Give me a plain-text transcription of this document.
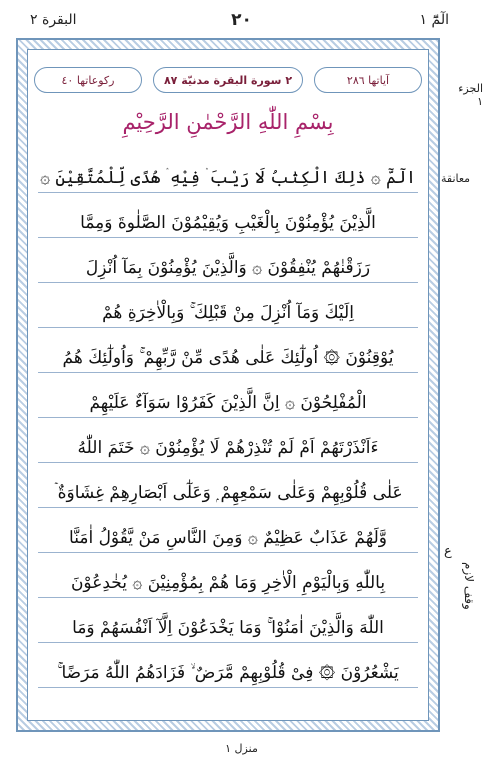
البقرة ٢	٢٠	الٓمّٓ ١
ركوعاتها ٤٠	٢ سورة البقرة مدنيّة ٨٧	آياتها ٢٨٦
بِسْمِ اللّٰهِ الرَّحْمٰنِ الرَّحِيْمِ
الٓمّٓ ۞ ذٰلِكَ الْكِتٰبُ لَا رَيْبَ ۛ فِيْهِ ۛ هُدًى لِّلْمُتَّقِيْنَ ۞
الَّذِيْنَ يُؤْمِنُوْنَ بِالْغَيْبِ وَيُقِيْمُوْنَ الصَّلٰوةَ وَمِمَّا
رَزَقْنٰهُمْ يُنْفِقُوْنَ ۞ وَالَّذِيْنَ يُؤْمِنُوْنَ بِمَآ اُنْزِلَ
اِلَيْكَ وَمَآ اُنْزِلَ مِنْ قَبْلِكَ ۚ وَبِالْاٰخِرَةِ هُمْ
يُوْقِنُوْنَ ۞ اُولٰٓئِكَ عَلٰى هُدًى مِّنْ رَّبِّهِمْ ۚ وَاُولٰٓئِكَ هُمُ
الْمُفْلِحُوْنَ ۞ اِنَّ الَّذِيْنَ كَفَرُوْا سَوَآءٌ عَلَيْهِمْ
ءَاَنْذَرْتَهُمْ اَمْ لَمْ تُنْذِرْهُمْ لَا يُؤْمِنُوْنَ ۞ خَتَمَ اللّٰهُ
عَلٰى قُلُوْبِهِمْ وَعَلٰى سَمْعِهِمْ ۭ وَعَلٰٓى اَبْصَارِهِمْ غِشَاوَةٌ ۡ
وَّلَهُمْ عَذَابٌ عَظِيْمٌ ۞ وَمِنَ النَّاسِ مَنْ يَّقُوْلُ اٰمَنَّا
بِاللّٰهِ وَبِالْيَوْمِ الْاٰخِرِ وَمَا هُمْ بِمُؤْمِنِيْنَ ۞ يُخٰدِعُوْنَ
اللّٰهَ وَالَّذِيْنَ اٰمَنُوْا ۚ وَمَا يَخْدَعُوْنَ اِلَّآ اَنْفُسَهُمْ وَمَا
يَشْعُرُوْنَ ۞ فِىْ قُلُوْبِهِمْ مَّرَضٌ ۙ فَزَادَهُمُ اللّٰهُ مَرَضًا ۚ
الجزء ١
معانقة
ع
وقف لازم
منزل ١
